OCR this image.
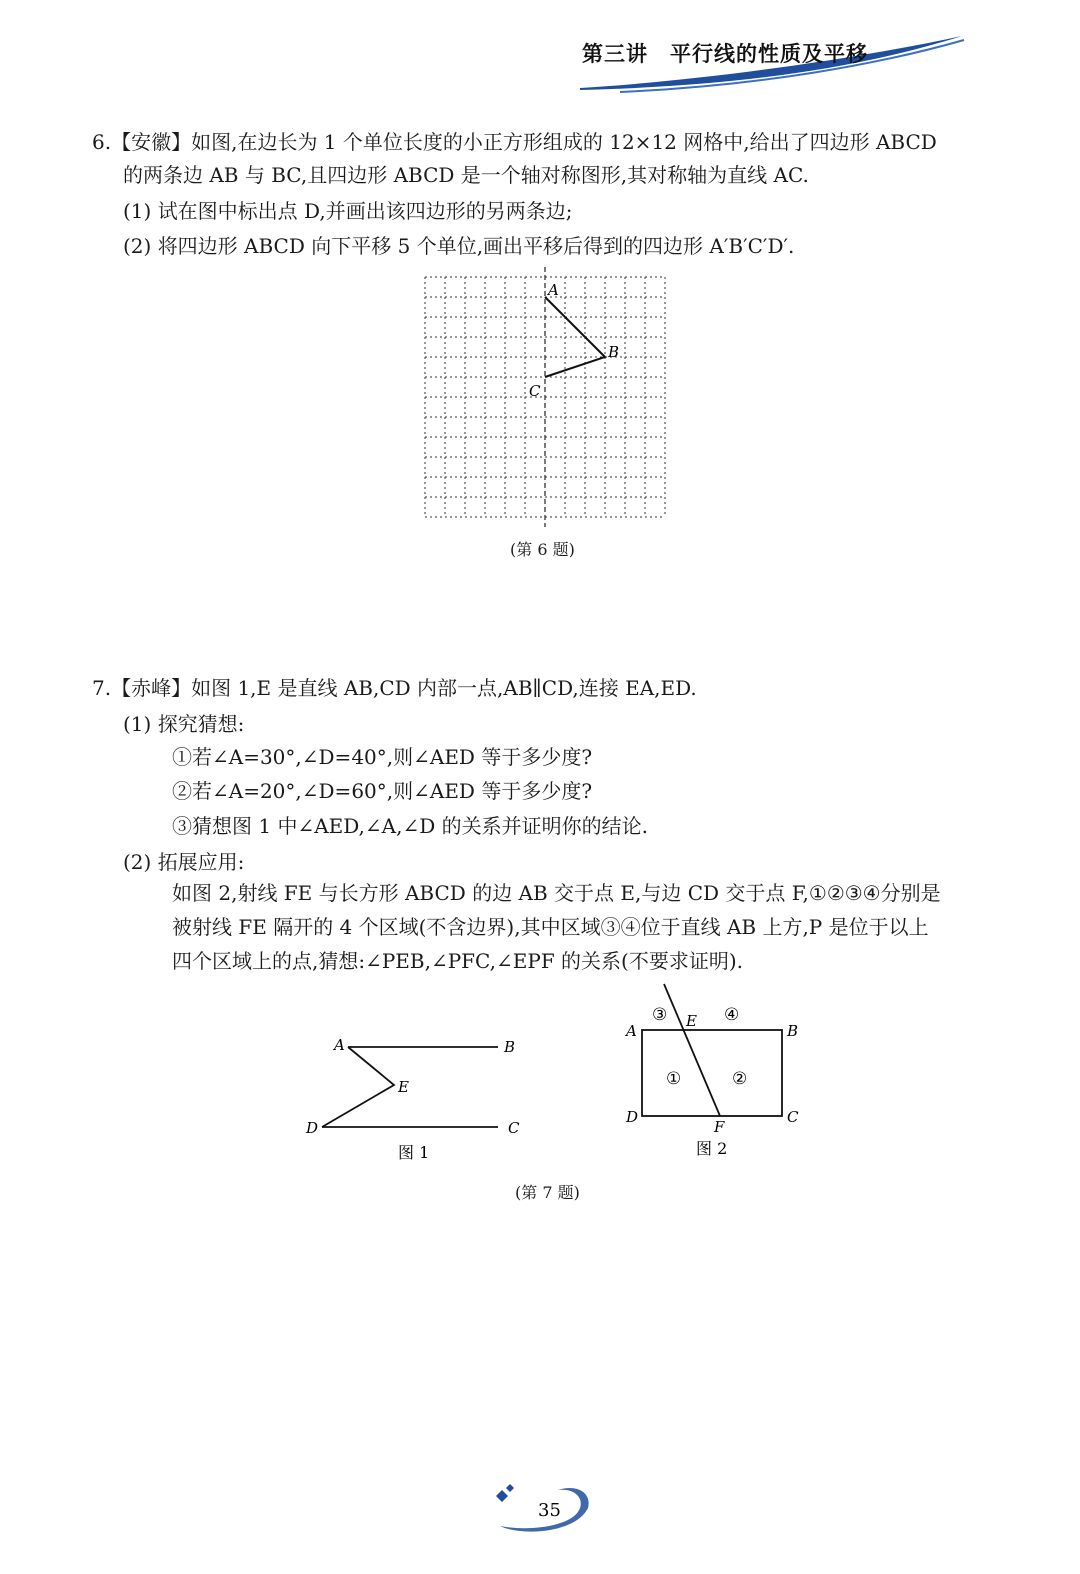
第三讲　平行线的性质及平移
6.【安徽】如图,在边长为 1 个单位长度的小正方形组成的 12×12 网格中,给出了四边形 ABCD
的两条边 AB 与 BC,且四边形 ABCD 是一个轴对称图形,其对称轴为直线 AC.
(1) 试在图中标出点 D,并画出该四边形的另两条边;
(2) 将四边形 ABCD 向下平移 5 个单位,画出平移后得到的四边形 A′B′C′D′.
A
B
C
(第 6 题)
7.【赤峰】如图 1,E 是直线 AB,CD 内部一点,AB∥CD,连接 EA,ED.
(1) 探究猜想:
①若∠A=30°,∠D=40°,则∠AED 等于多少度?
②若∠A=20°,∠D=60°,则∠AED 等于多少度?
③猜想图 1 中∠AED,∠A,∠D 的关系并证明你的结论.
(2) 拓展应用:
如图 2,射线 FE 与长方形 ABCD 的边 AB 交于点 E,与边 CD 交于点 F,①②③④分别是
被射线 FE 隔开的 4 个区域(不含边界),其中区域③④位于直线 AB 上方,P 是位于以上
四个区域上的点,猜想:∠PEB,∠PFC,∠EPF 的关系(不要求证明).
A	B
E
D	C
图 1
A	B
D	C
E
F
③	④
①	②
图 2
(第 7 题)
35
